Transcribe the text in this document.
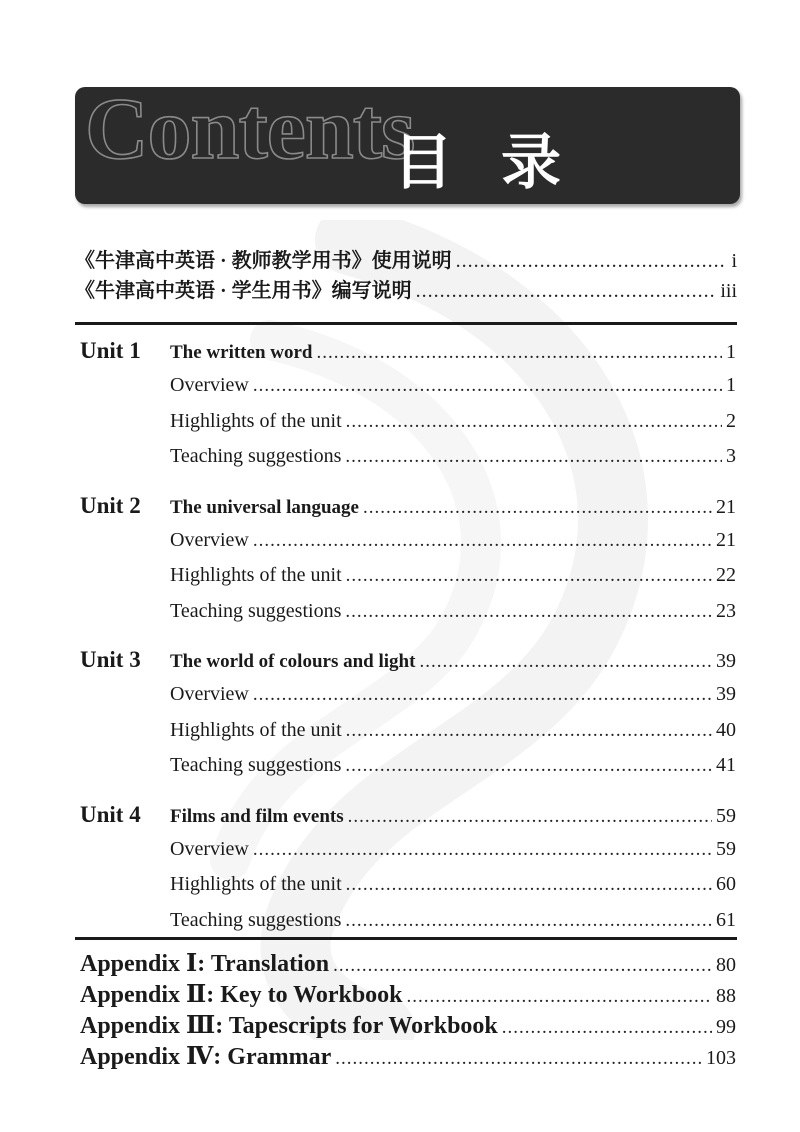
Contents
目录
《牛津高中英语 · 教师教学用书》使用说明 .....	i
《牛津高中英语 · 学生用书》编写说明 .....	iii
Unit 1	The written word .....	1
Overview .....	1
Highlights of the unit .....	2
Teaching suggestions .....	3
Unit 2	The universal language .....	21
Overview .....	21
Highlights of the unit .....	22
Teaching suggestions .....	23
Unit 3	The world of colours and light .....	39
Overview .....	39
Highlights of the unit .....	40
Teaching suggestions .....	41
Unit 4	Films and film events .....	59
Overview .....	59
Highlights of the unit .....	60
Teaching suggestions .....	61
Appendix Ⅰ: Translation .....	80
Appendix Ⅱ: Key to Workbook .....	88
Appendix Ⅲ: Tapescripts for Workbook .....	99
Appendix Ⅳ: Grammar .....	103
